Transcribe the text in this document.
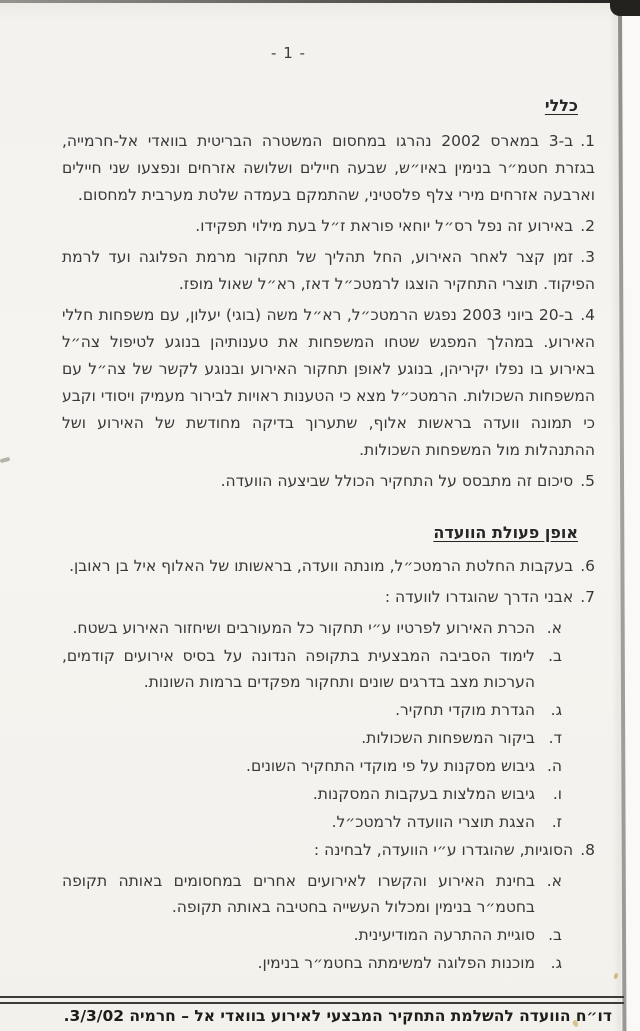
- 1 -
כללי

1.ב-3 במארס 2002 נהרגו במחסום המשטרה הבריטית בוואדי אל-חרמייה, בגזרת חטמ״ר בנימין באיו״ש, שבעה חיילים ושלושה אזרחים ונפצעו שני חיילים וארבעה אזרחים מירי צלף פלסטיני, שהתמקם בעמדה שלטת מערבית למחסום.

2.באירוע זה נפל רס״ל יוחאי פוראת ז״ל בעת מילוי תפקידו.

3.זמן קצר לאחר האירוע, החל תהליך של תחקור מרמת הפלוגה ועד לרמת הפיקוד. תוצרי התחקיר הוצגו לרמטכ״ל דאז, רא״ל שאול מופז.

4.ב-20 ביוני 2003 נפגש הרמטכ״ל, רא״ל משה (בוגי) יעלון, עם משפחות חללי האירוע. במהלך המפגש שטחו המשפחות את טענותיהן בנוגע לטיפול צה״ל באירוע בו נפלו יקיריהן, בנוגע לאופן תחקור האירוע ובנוגע לקשר של צה״ל עם המשפחות השכולות. הרמטכ״ל מצא כי הטענות ראויות לבירור מעמיק ויסודי וקבע כי תמונה וועדה בראשות אלוף, שתערוך בדיקה מחודשת של האירוע ושל ההתנהלות מול המשפחות השכולות.

5.סיכום זה מתבסס על התחקיר הכולל שביצעה הוועדה.

אופן פעולת הוועדה

6.בעקבות החלטת הרמטכ״ל, מונתה וועדה, בראשותו של האלוף איל בן ראובן.

7.אבני הדרך שהוגדרו לוועדה :

א.
הכרת האירוע לפרטיו ע״י תחקור כל המעורבים ושיחזור האירוע בשטח.
ב.
לימוד הסביבה המבצעית בתקופה הנדונה על בסיס אירועים קודמים, הערכות מצב בדרגים שונים ותחקור מפקדים ברמות השונות.
ג.
הגדרת מוקדי תחקיר.
ד.
ביקור המשפחות השכולות.
ה.
גיבוש מסקנות על פי מוקדי התחקיר השונים.
ו.
גיבוש המלצות בעקבות המסקנות.
ז.
הצגת תוצרי הוועדה לרמטכ״ל.

8.הסוגיות, שהוגדרו ע״י הוועדה, לבחינה :

א.
בחינת האירוע והקשרו לאירועים אחרים במחסומים באותה תקופה בחטמ״ר בנימין ומכלול העשייה בחטיבה באותה תקופה.
ב.
סוגיית ההתרעה המודיעינית.
ג.
מוכנות הפלוגה למשימתה בחטמ״ר בנימין.
דו״ח הוועדה להשלמת התחקיר המבצעי לאירוע בוואדי אל – חרמיה 3/3/02.
